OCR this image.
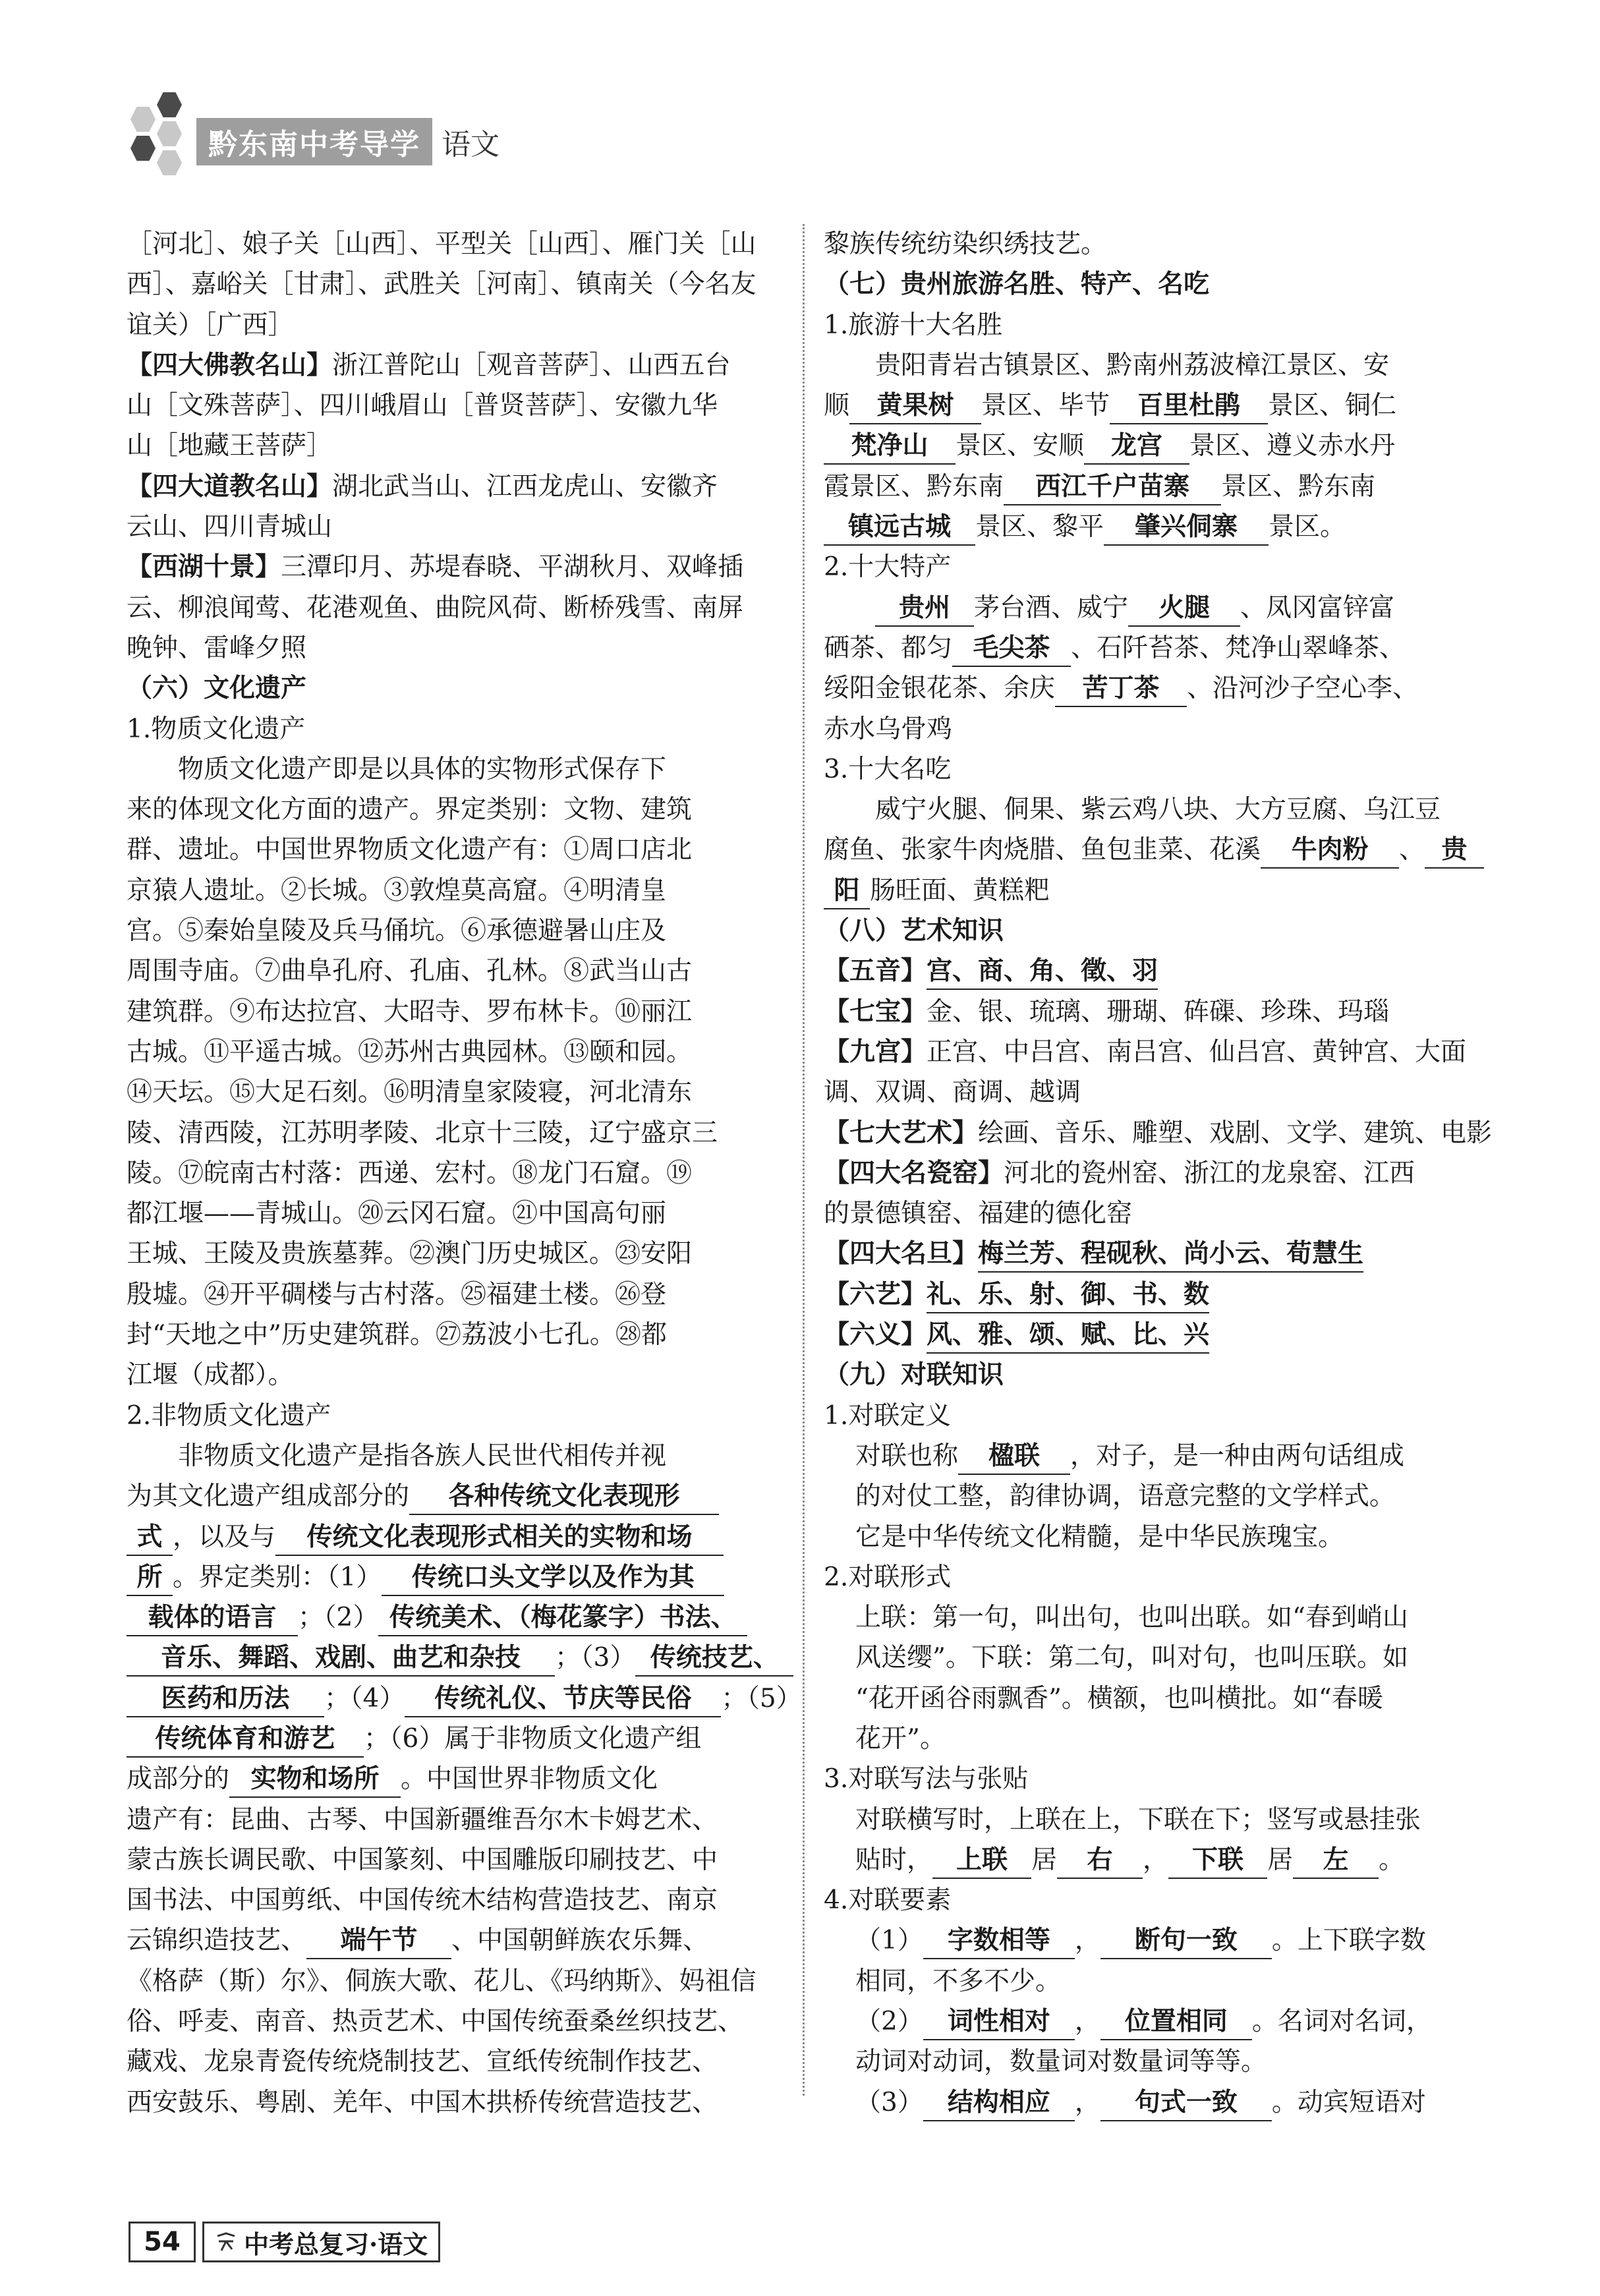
黔东南中考导学 语文
［河北］、娘子关［山西］、平型关［山西］、雁门关［山
西］、嘉峪关［甘肃］、武胜关［河南］、镇南关（今名友
谊关）［广西］
【四大佛教名山】浙江普陀山［观音菩萨］、山西五台
山［文殊菩萨］、四川峨眉山［普贤菩萨］、安徽九华
山［地藏王菩萨］
【四大道教名山】湖北武当山、江西龙虎山、安徽齐
云山、四川青城山
【西湖十景】三潭印月、苏堤春晓、平湖秋月、双峰插
云、柳浪闻莺、花港观鱼、曲院风荷、断桥残雪、南屏
晚钟、雷峰夕照
（六）文化遗产
1.物质文化遗产
物质文化遗产即是以具体的实物形式保存下
来的体现文化方面的遗产。界定类别：文物、建筑
群、遗址。中国世界物质文化遗产有：①周口店北
京猿人遗址。②长城。③敦煌莫高窟。④明清皇
宫。⑤秦始皇陵及兵马俑坑。⑥承德避暑山庄及
周围寺庙。⑦曲阜孔府、孔庙、孔林。⑧武当山古
建筑群。⑨布达拉宫、大昭寺、罗布林卡。⑩丽江
古城。⑪平遥古城。⑫苏州古典园林。⑬颐和园。
⑭天坛。⑮大足石刻。⑯明清皇家陵寝，河北清东
陵、清西陵，江苏明孝陵、北京十三陵，辽宁盛京三
陵。⑰皖南古村落：西递、宏村。⑱龙门石窟。⑲
都江堰——青城山。⑳云冈石窟。㉑中国高句丽
王城、王陵及贵族墓葬。㉒澳门历史城区。㉓安阳
殷墟。㉔开平碉楼与古村落。㉕福建土楼。㉖登
封“天地之中”历史建筑群。㉗荔波小七孔。㉘都
江堰（成都）。
2.非物质文化遗产
非物质文化遗产是指各族人民世代相传并视
为其文化遗产组成部分的 各种传统文化表现形
式 ，以及与 传统文化表现形式相关的实物和场
所 。界定类别：（1） 传统口头文学以及作为其
载体的语言 ；（2） 传统美术、（梅花篆字）书法、
音乐、舞蹈、戏剧、曲艺和杂技 ；（3） 传统技艺、
医药和历法 ；（4） 传统礼仪、节庆等民俗 ；（5）
传统体育和游艺 ；（6）属于非物质文化遗产组
成部分的 实物和场所 。中国世界非物质文化
遗产有：昆曲、古琴、中国新疆维吾尔木卡姆艺术、
蒙古族长调民歌、中国篆刻、中国雕版印刷技艺、中
国书法、中国剪纸、中国传统木结构营造技艺、南京
云锦织造技艺、 端午节 、中国朝鲜族农乐舞、
《格萨（斯）尔》、侗族大歌、花儿、《玛纳斯》、妈祖信
俗、呼麦、南音、热贡艺术、中国传统蚕桑丝织技艺、
藏戏、龙泉青瓷传统烧制技艺、宣纸传统制作技艺、
西安鼓乐、粤剧、羌年、中国木拱桥传统营造技艺、
黎族传统纺染织绣技艺。
（七）贵州旅游名胜、特产、名吃
1.旅游十大名胜
贵阳青岩古镇景区、黔南州荔波樟江景区、安
顺 黄果树 景区、毕节 百里杜鹃 景区、铜仁
梵净山 景区、安顺 龙宫 景区、遵义赤水丹
霞景区、黔东南 西江千户苗寨 景区、黔东南
镇远古城 景区、黎平 肇兴侗寨 景区。
2.十大特产
贵州 茅台酒、威宁 火腿 、凤冈富锌富
硒茶、都匀 毛尖茶 、石阡苔茶、梵净山翠峰茶、
绥阳金银花茶、余庆 苦丁茶 、沿河沙子空心李、
赤水乌骨鸡
3.十大名吃
威宁火腿、侗果、紫云鸡八块、大方豆腐、乌江豆
腐鱼、张家牛肉烧腊、鱼包韭菜、花溪 牛肉粉 、 贵
阳 肠旺面、黄糕粑
（八）艺术知识
【五音】宫、商、角、徵、羽
【七宝】金、银、琉璃、珊瑚、砗磲、珍珠、玛瑙
【九宫】正宫、中吕宫、南吕宫、仙吕宫、黄钟宫、大面
调、双调、商调、越调
【七大艺术】绘画、音乐、雕塑、戏剧、文学、建筑、电影
【四大名瓷窑】河北的瓷州窑、浙江的龙泉窑、江西
的景德镇窑、福建的德化窑
【四大名旦】梅兰芳、程砚秋、尚小云、荀慧生
【六艺】礼、乐、射、御、书、数
【六义】风、雅、颂、赋、比、兴
（九）对联知识
1.对联定义
对联也称 楹联 ，对子，是一种由两句话组成
的对仗工整，韵律协调，语意完整的文学样式。
它是中华传统文化精髓，是中华民族瑰宝。
2.对联形式
上联：第一句，叫出句，也叫出联。如“春到峭山
风送缨”。下联：第二句，叫对句，也叫压联。如
“花开函谷雨飘香”。横额，也叫横批。如“春暖
花开”。
3.对联写法与张贴
对联横写时，上联在上，下联在下；竖写或悬挂张
贴时， 上联 居 右 ， 下联 居 左 。
4.对联要素
（1） 字数相等 ， 断句一致 。上下联字数
相同，不多不少。
（2） 词性相对 ， 位置相同 。名词对名词，
动词对动词，数量词对数量词等等。
（3） 结构相应 ， 句式一致 。动宾短语对
54	中考总复习·语文
